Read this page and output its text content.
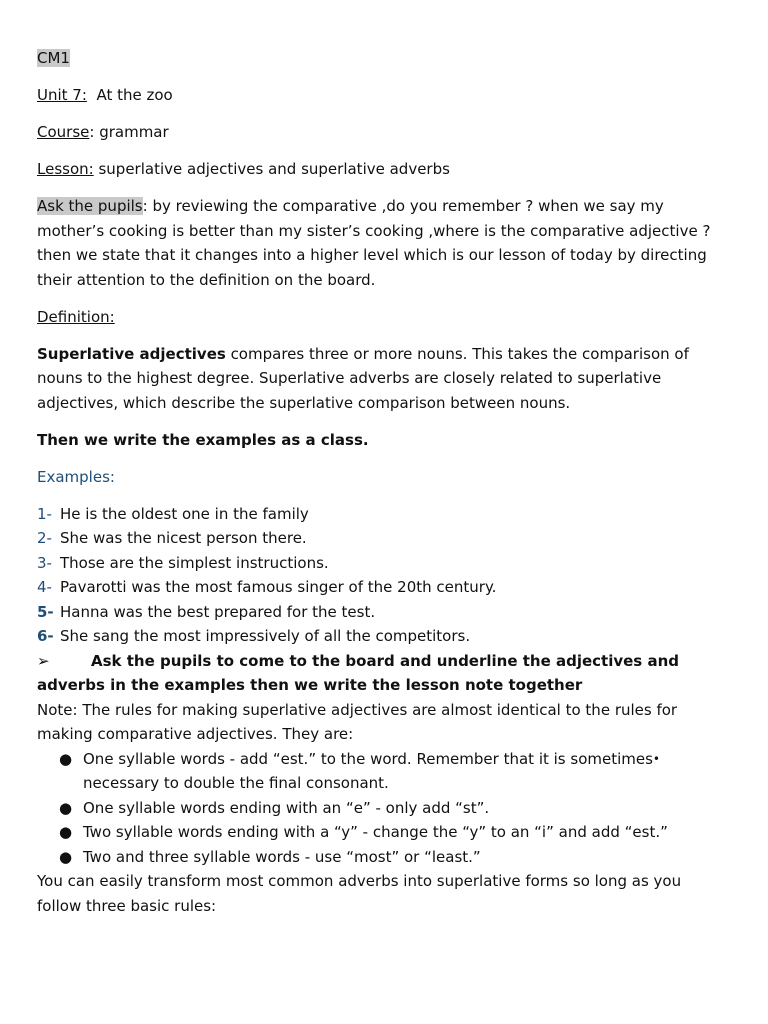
CM1

Unit 7: At the zoo

Course: grammar

Lesson: superlative adjectives and superlative adverbs

Ask the pupils: by reviewing the comparative ,do you remember ? when we say my mother’s cooking is better than my sister’s cooking ,where is the comparative adjective ? then we state that it changes into a higher level which is our lesson of today by directing their attention to the definition on the board.

Definition:

Superlative adjectives compares three or more nouns. This takes the comparison of nouns to the highest degree. Superlative adverbs are closely related to superlative adjectives, which describe the superlative comparison between nouns.

Then we write the examples as a class.

Examples:

1- He is the oldest one in the family

2- She was the nicest person there.

3- Those are the simplest instructions.

4- Pavarotti was the most famous singer of the 20th century.

5- Hanna was the best prepared for the test.

6- She sang the most impressively of all the competitors.

➢	Ask the pupils to come to the board and underline the adjectives and adverbs in the examples then we write the lesson note together

Note: The rules for making superlative adjectives are almost identical to the rules for making comparative adjectives. They are:

● One syllable words - add “est.” to the word. Remember that it is sometimes•
necessary to double the final consonant.
● One syllable words ending with an “e” - only add “st”.
● Two syllable words ending with a “y” - change the “y” to an “i” and add “est.”
● Two and three syllable words - use “most” or “least.”

You can easily transform most common adverbs into superlative forms so long as you follow three basic rules:
